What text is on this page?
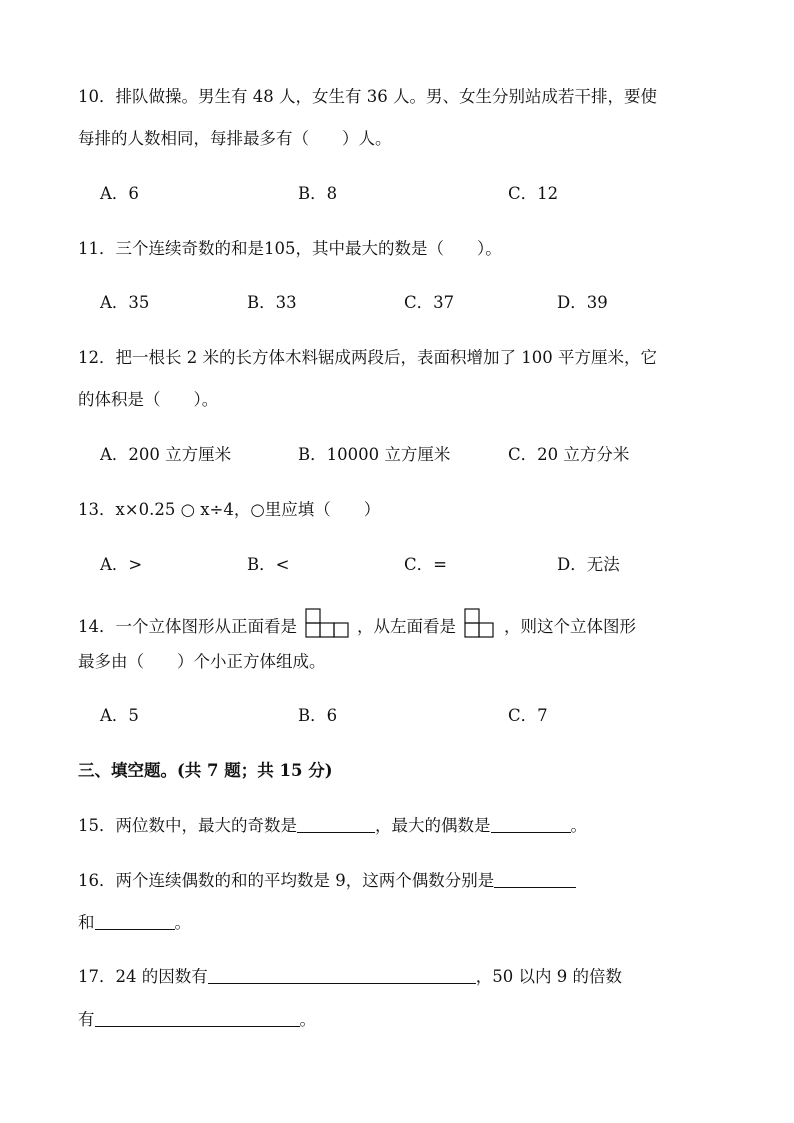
10．排队做操。男生有 48 人，女生有 36 人。男、女生分别站成若干排，要使
每排的人数相同，每排最多有（　　）人。
A．6	B．8	C．12
11．三个连续奇数的和是105，其中最大的数是（　　）。
A．35	B．33	C．37	D．39
12．把一根长 2 米的长方体木料锯成两段后，表面积增加了 100 平方厘米，它
的体积是（　　）。
A．200 立方厘米	B．10000 立方厘米	C．20 立方分米
13．x×0.25 ○ x÷4，○里应填（　　）
A．>	B．<	C．=	D．无法
14．一个立体图形从正面看是	，从左面看是	，则这个立体图形
最多由（　　）个小正方体组成。
A．5	B．6	C．7
三、填空题。(共 7 题；共 15 分)
15．两位数中，最大的奇数是	，最大的偶数是	。
16．两个连续偶数的和的平均数是 9，这两个偶数分别是
和	。
17．24 的因数有	，50 以内 9 的倍数
有	。
